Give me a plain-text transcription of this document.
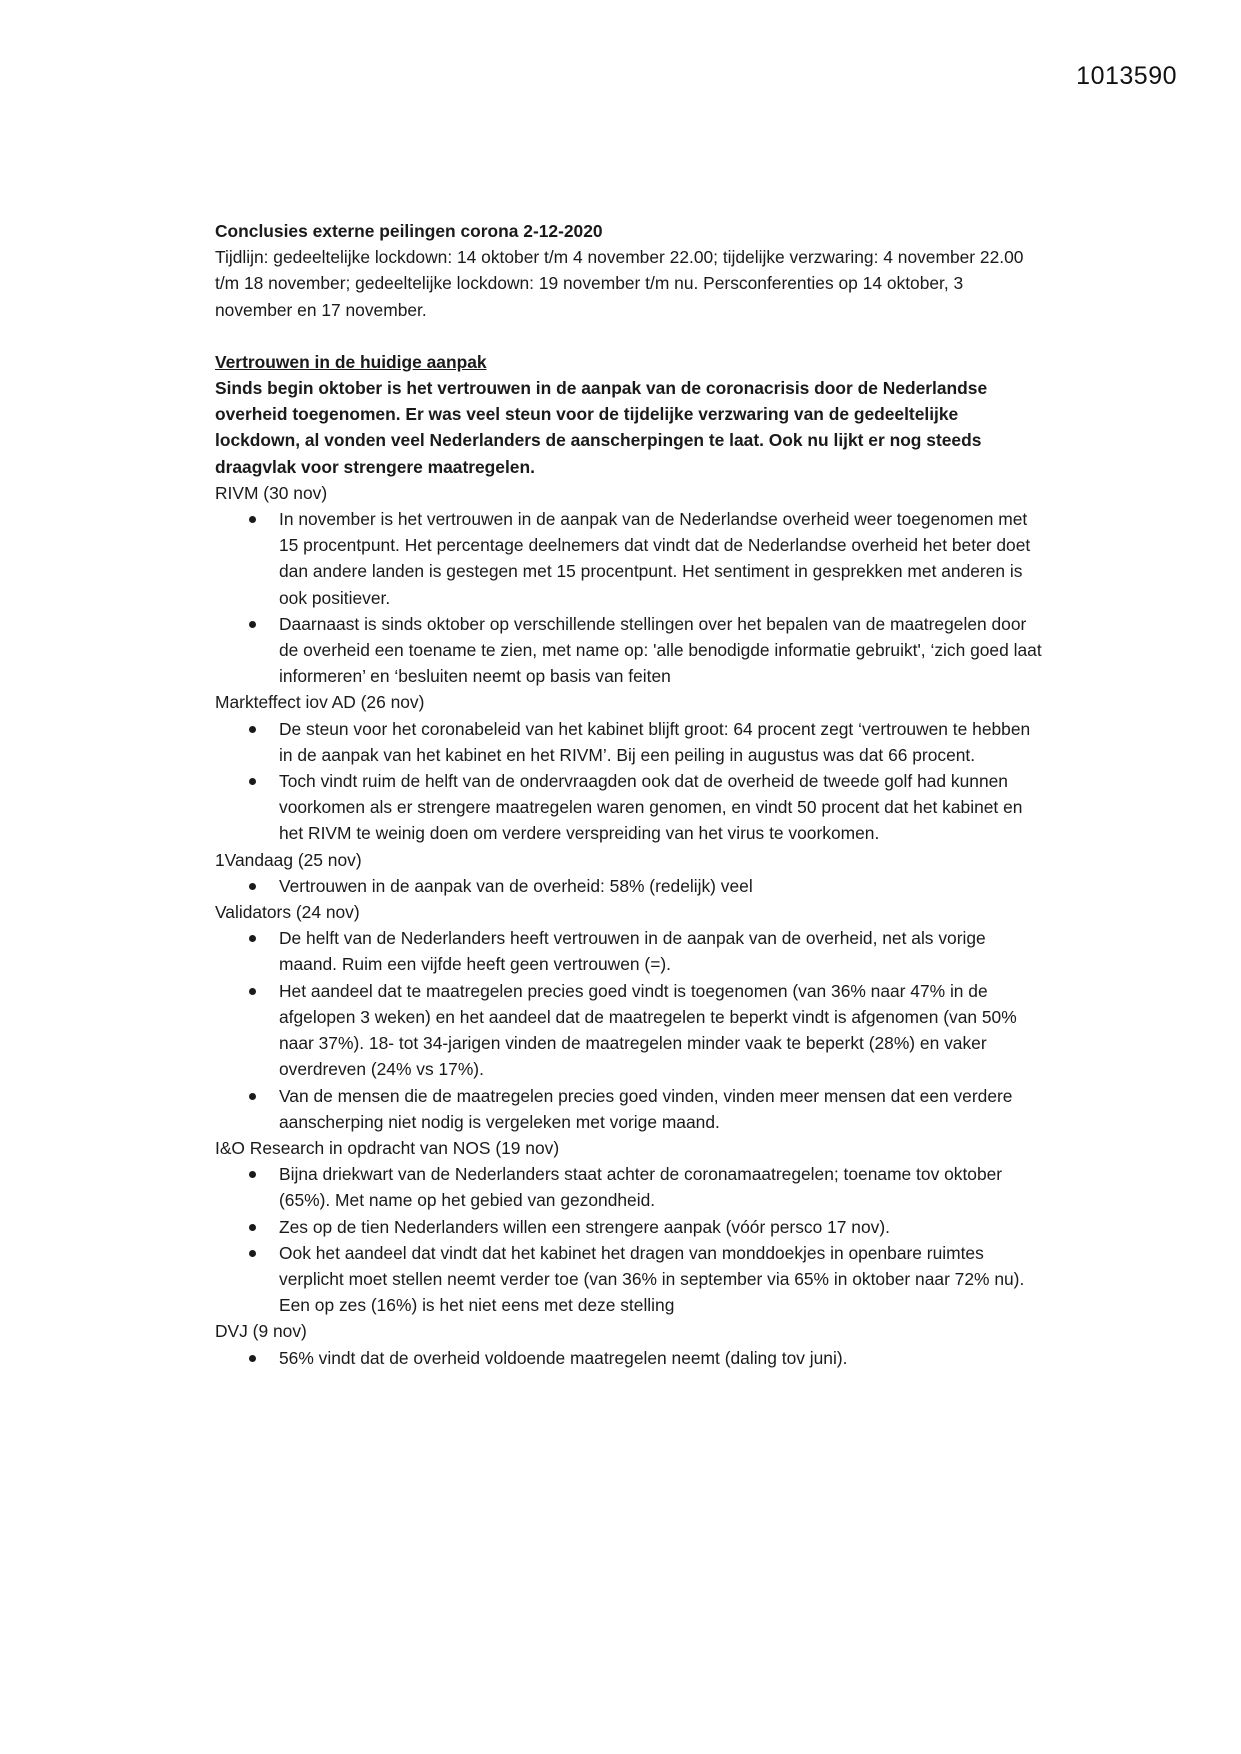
1013590

Conclusies externe peilingen corona 2-12-2020

Tijdlijn: gedeeltelijke lockdown: 14 oktober t/m 4 november 22.00; tijdelijke verzwaring: 4 november 22.00 t/m 18 november; gedeeltelijke lockdown: 19 november t/m nu. Persconferenties op 14 oktober, 3 november en 17 november.

Vertrouwen in de huidige aanpak

Sinds begin oktober is het vertrouwen in de aanpak van de coronacrisis door de Nederlandse overheid toegenomen. Er was veel steun voor de tijdelijke verzwaring van de gedeeltelijke lockdown, al vonden veel Nederlanders de aanscherpingen te laat. Ook nu lijkt er nog steeds draagvlak voor strengere maatregelen.

RIVM (30 nov)

In november is het vertrouwen in de aanpak van de Nederlandse overheid weer toegenomen met 15 procentpunt. Het percentage deelnemers dat vindt dat de Nederlandse overheid het beter doet dan andere landen is gestegen met 15 procentpunt. Het sentiment in gesprekken met anderen is ook positiever.
Daarnaast is sinds oktober op verschillende stellingen over het bepalen van de maatregelen door de overheid een toename te zien, met name op: 'alle benodigde informatie gebruikt', ‘zich goed laat informeren’ en ‘besluiten neemt op basis van feiten

Markteffect iov AD (26 nov)

De steun voor het coronabeleid van het kabinet blijft groot: 64 procent zegt ‘vertrouwen te hebben in de aanpak van het kabinet en het RIVM’. Bij een peiling in augustus was dat 66 procent.
Toch vindt ruim de helft van de ondervraagden ook dat de overheid de tweede golf had kunnen voorkomen als er strengere maatregelen waren genomen, en vindt 50 procent dat het kabinet en het RIVM te weinig doen om verdere verspreiding van het virus te voorkomen.

1Vandaag (25 nov)

Vertrouwen in de aanpak van de overheid: 58% (redelijk) veel

Validators (24 nov)

De helft van de Nederlanders heeft vertrouwen in de aanpak van de overheid, net als vorige maand. Ruim een vijfde heeft geen vertrouwen (=).
Het aandeel dat te maatregelen precies goed vindt is toegenomen (van 36% naar 47% in de afgelopen 3 weken) en het aandeel dat de maatregelen te beperkt vindt is afgenomen (van 50% naar 37%). 18- tot 34-jarigen vinden de maatregelen minder vaak te beperkt (28%) en vaker overdreven (24% vs 17%).
Van de mensen die de maatregelen precies goed vinden, vinden meer mensen dat een verdere aanscherping niet nodig is vergeleken met vorige maand.

I&O Research in opdracht van NOS (19 nov)

Bijna driekwart van de Nederlanders staat achter de coronamaatregelen; toename tov oktober (65%). Met name op het gebied van gezondheid.
Zes op de tien Nederlanders willen een strengere aanpak (vóór persco 17 nov).
Ook het aandeel dat vindt dat het kabinet het dragen van monddoekjes in openbare ruimtes verplicht moet stellen neemt verder toe (van 36% in september via 65% in oktober naar 72% nu). Een op zes (16%) is het niet eens met deze stelling

DVJ (9 nov)

56% vindt dat de overheid voldoende maatregelen neemt (daling tov juni).
